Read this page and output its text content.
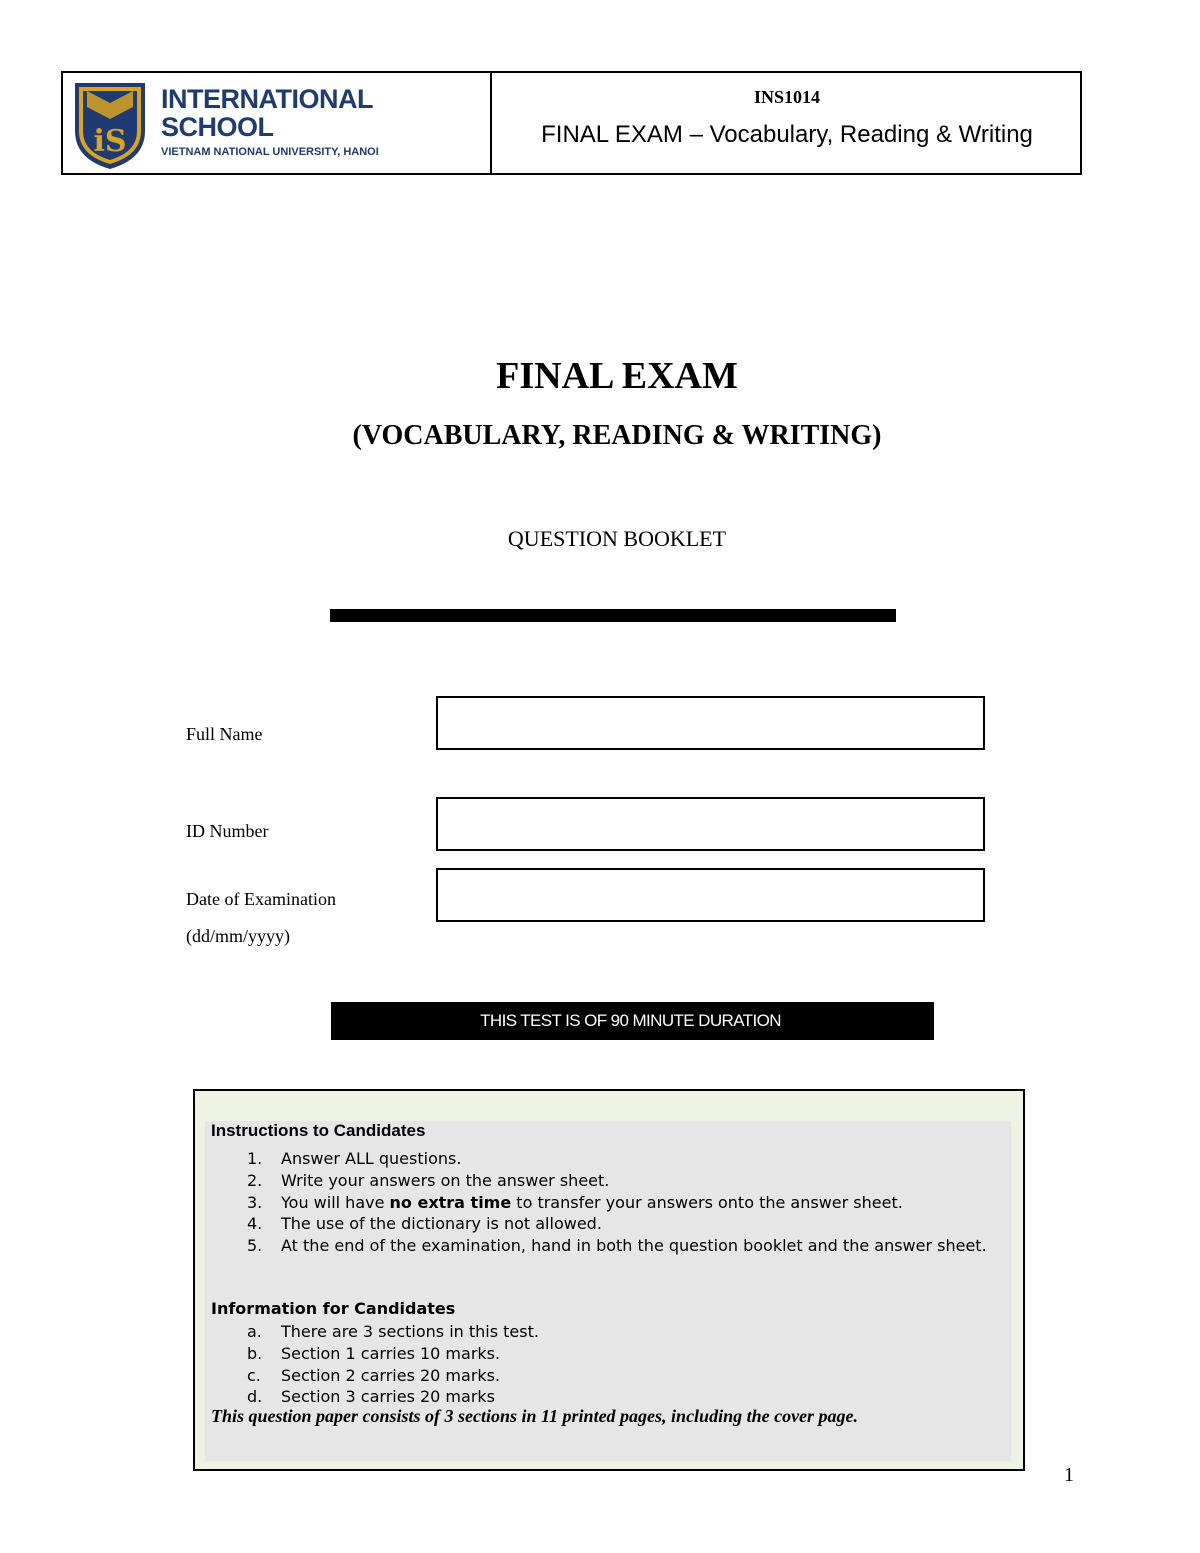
iS
INTERNATIONAL
SCHOOL
VIETNAM NATIONAL UNIVERSITY, HANOI
INS1014
FINAL EXAM – Vocabulary, Reading & Writing
FINAL EXAM
(VOCABULARY, READING & WRITING)
QUESTION BOOKLET
Full Name
ID Number
Date of Examination
(dd/mm/yyyy)
THIS TEST IS OF 90 MINUTE DURATION
Instructions to Candidates
1.	Answer ALL questions.
2.	Write your answers on the answer sheet.
3.	You will have no extra time to transfer your answers onto the answer sheet.
4.	The use of the dictionary is not allowed.
5.	At the end of the examination, hand in both the question booklet and the answer sheet.
Information for Candidates
a.	There are 3 sections in this test.
b.	Section 1 carries 10 marks.
c.	Section 2 carries 20 marks.
d.	Section 3 carries 20 marks
This question paper consists of 3 sections in 11 printed pages, including the cover page.
1
